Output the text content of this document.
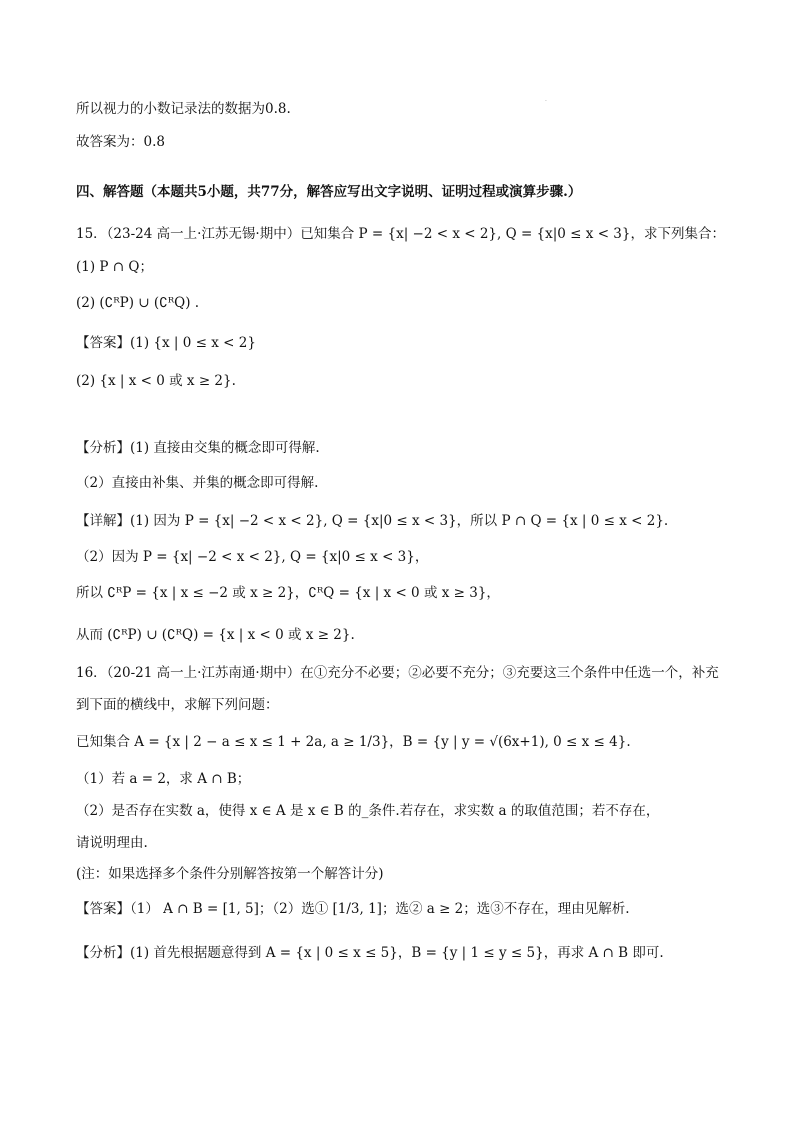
·
所以视力的小数记录法的数据为0.8.
故答案为：0.8
四、解答题（本题共5小题，共77分，解答应写出文字说明、证明过程或演算步骤.）
15．（23-24 高一上·江苏无锡·期中）已知集合 P = {x| −2 < x < 2}, Q = {x|0 ≤ x < 3}，求下列集合：
(1) P ∩ Q；
(2) (∁ᴿP) ∪ (∁ᴿQ) .
【答案】(1) {x | 0 ≤ x < 2}
(2) {x | x < 0 或 x ≥ 2}.
【分析】(1) 直接由交集的概念即可得解.
（2）直接由补集、并集的概念即可得解.
【详解】(1) 因为 P = {x| −2 < x < 2}, Q = {x|0 ≤ x < 3}，所以 P ∩ Q = {x | 0 ≤ x < 2}.
（2）因为 P = {x| −2 < x < 2}, Q = {x|0 ≤ x < 3}，
所以 ∁ᴿP = {x | x ≤ −2 或 x ≥ 2}，∁ᴿQ = {x | x < 0 或 x ≥ 3}，
从而 (∁ᴿP) ∪ (∁ᴿQ) = {x | x < 0 或 x ≥ 2}.
16．（20-21 高一上·江苏南通·期中）在①充分不必要；②必要不充分；③充要这三个条件中任选一个，补充
到下面的横线中，求解下列问题：
已知集合 A = {x | 2 − a ≤ x ≤ 1 + 2a, a ≥ 1/3}，B = {y | y = √(6x+1), 0 ≤ x ≤ 4}.
（1）若 a = 2，求 A ∩ B；
（2）是否存在实数 a，使得 x ∈ A 是 x ∈ B 的_条件.若存在，求实数 a 的取值范围；若不存在，
请说明理由.
(注：如果选择多个条件分别解答按第一个解答计分)
【答案】（1） A ∩ B = [1, 5]；（2）选① [1/3, 1]；选② a ≥ 2；选③不存在，理由见解析.
【分析】(1) 首先根据题意得到 A = {x | 0 ≤ x ≤ 5}，B = {y | 1 ≤ y ≤ 5}，再求 A ∩ B 即可.
